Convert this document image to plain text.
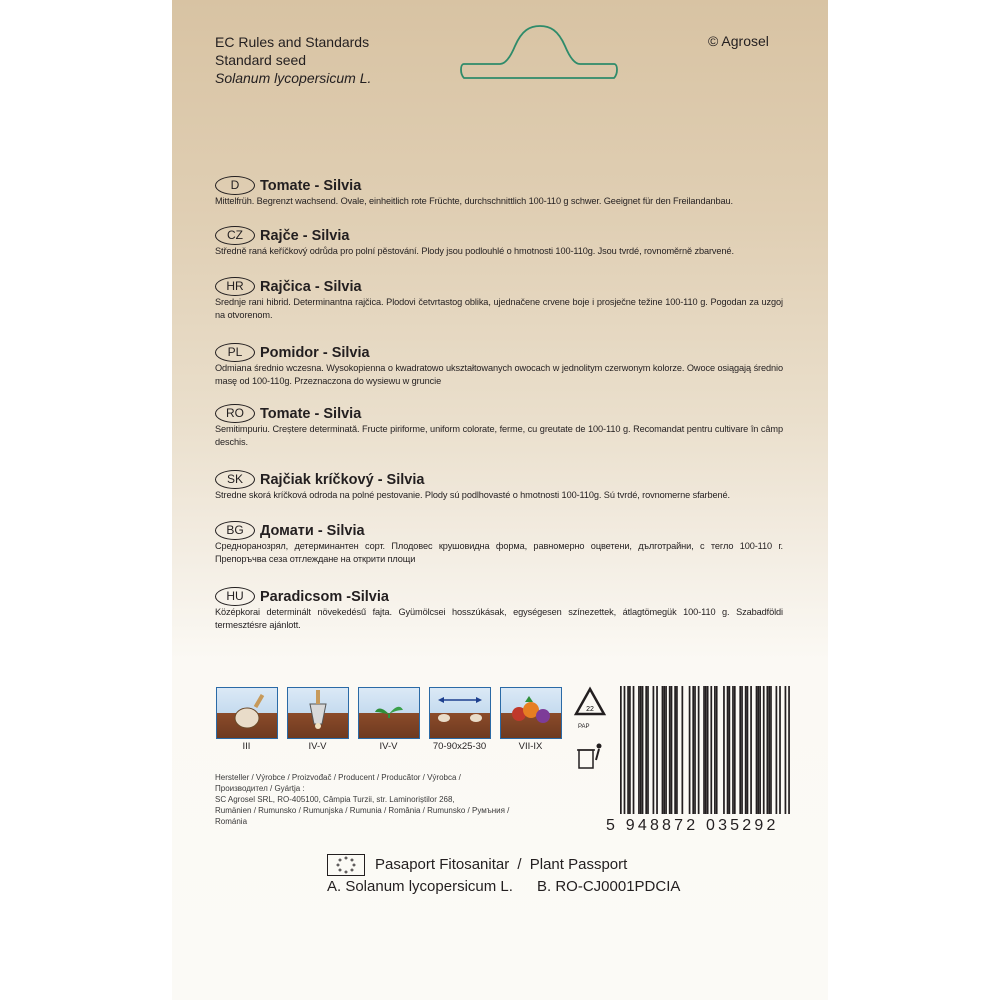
EC Rules and Standards
Standard seed
Solanum lycopersicum L.
© Agrosel
D	Tomate - Silvia
Mittelfrüh. Begrenzt wachsend. Ovale, einheitlich rote Früchte, durchschnittlich 100-110 g schwer. Geeignet für den Freilandanbau.
CZ	Rajče - Silvia
Středně raná keříčkový odrůda pro polní pěstování. Plody jsou podlouhlé o hmotnosti 100-110g. Jsou tvrdé, rovnoměrně zbarvené.
HR	Rajčica - Silvia
Srednje rani hibrid. Determinantna rajčica. Plodovi četvrtastog oblika, ujednačene crvene boje i prosječne težine 100-110 g. Pogodan za uzgoj na otvorenom.
PL	Pomidor - Silvia
Odmiana średnio wczesna. Wysokopienna o kwadratowo ukształtowanych owocach w jednolitym czerwonym kolorze. Owoce osiągają średnio masę od 100-110g. Przeznaczona do wysiewu w gruncie
RO	Tomate - Silvia
Semitimpuriu. Creștere determinată. Fructe piriforme, uniform colorate, ferme, cu greutate de 100-110 g. Recomandat pentru cultivare în câmp deschis.
SK	Rajčiak kríčkový - Silvia
Stredne skorá kríčková odroda na polné pestovanie. Plody sú podlhovasté o hmotnosti 100-110g. Sú tvrdé, rovnomerne sfarbené.
BG	Домати - Silvia
Средноранозрял, детерминантен сорт. Плодовес крушовидна форма, равномерно оцветени, дълготрайни, с тегло 100-110 г. Препоръчва сеза отглеждане на открити площи
HU	Paradicsom -Silvia
Középkorai determinált növekedésű fajta. Gyümölcsei hosszúkásak, egységesen színezettek, átlagtömegük 100-110 g. Szabadföldi termesztésre ajánlott.
III	IV-V	IV-V	70-90x25-30	VII-IX
22
PAP
Hersteller / Výrobce / Proizvođač / Producent / Producător / Výrobca / Производител / Gyártja :
SC Agrosel SRL, RO-405100, Câmpia Turzii, str. Laminoriștilor 268,
Rumänien / Rumunsko / Rumunjska / Rumunia / România / Rumunsko / Румъния / Románia	5 948872 035292
Pasaport Fitosanitar / Plant Passport
A. Solanum lycopersicum L. B. RO-CJ0001PDCIA
